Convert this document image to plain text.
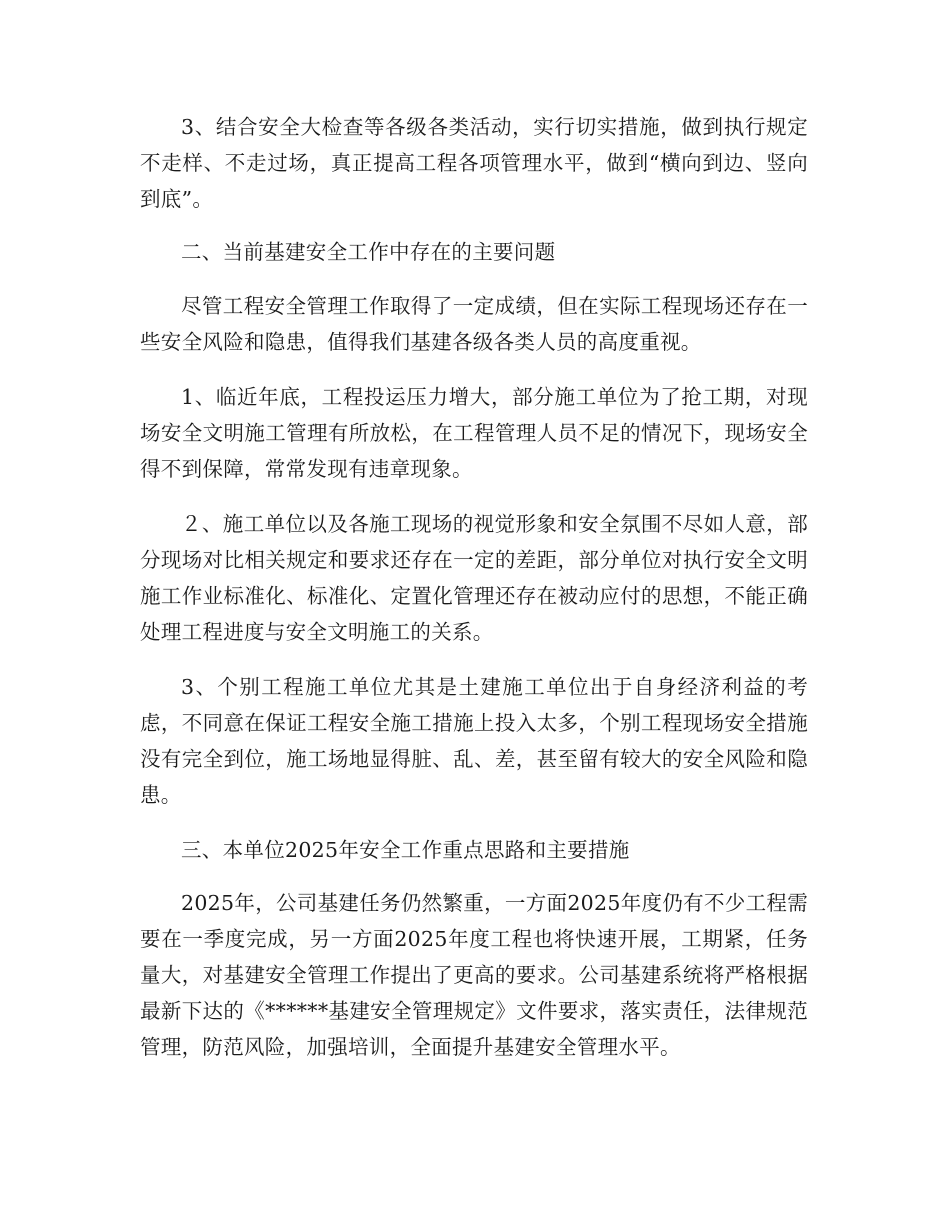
3、结合安全大检查等各级各类活动，实行切实措施，做到执行规定不走样、不走过场，真正提高工程各项管理水平，做到“横向到边、竖向到底”。

二、当前基建安全工作中存在的主要问题

尽管工程安全管理工作取得了一定成绩，但在实际工程现场还存在一些安全风险和隐患，值得我们基建各级各类人员的高度重视。

1、临近年底，工程投运压力增大，部分施工单位为了抢工期，对现场安全文明施工管理有所放松，在工程管理人员不足的情况下，现场安全得不到保障，常常发现有违章现象。

２、施工单位以及各施工现场的视觉形象和安全氛围不尽如人意，部分现场对比相关规定和要求还存在一定的差距，部分单位对执行安全文明施工作业标准化、标准化、定置化管理还存在被动应付的思想，不能正确处理工程进度与安全文明施工的关系。

3、个别工程施工单位尤其是土建施工单位出于自身经济利益的考虑，不同意在保证工程安全施工措施上投入太多，个别工程现场安全措施没有完全到位，施工场地显得脏、乱、差，甚至留有较大的安全风险和隐患。

三、本单位2025年安全工作重点思路和主要措施

2025年，公司基建任务仍然繁重，一方面2025年度仍有不少工程需要在一季度完成，另一方面2025年度工程也将快速开展，工期紧，任务量大，对基建安全管理工作提出了更高的要求。公司基建系统将严格根据最新下达的《******基建安全管理规定》文件要求，落实责任，法律规范管理，防范风险，加强培训，全面提升基建安全管理水平。
